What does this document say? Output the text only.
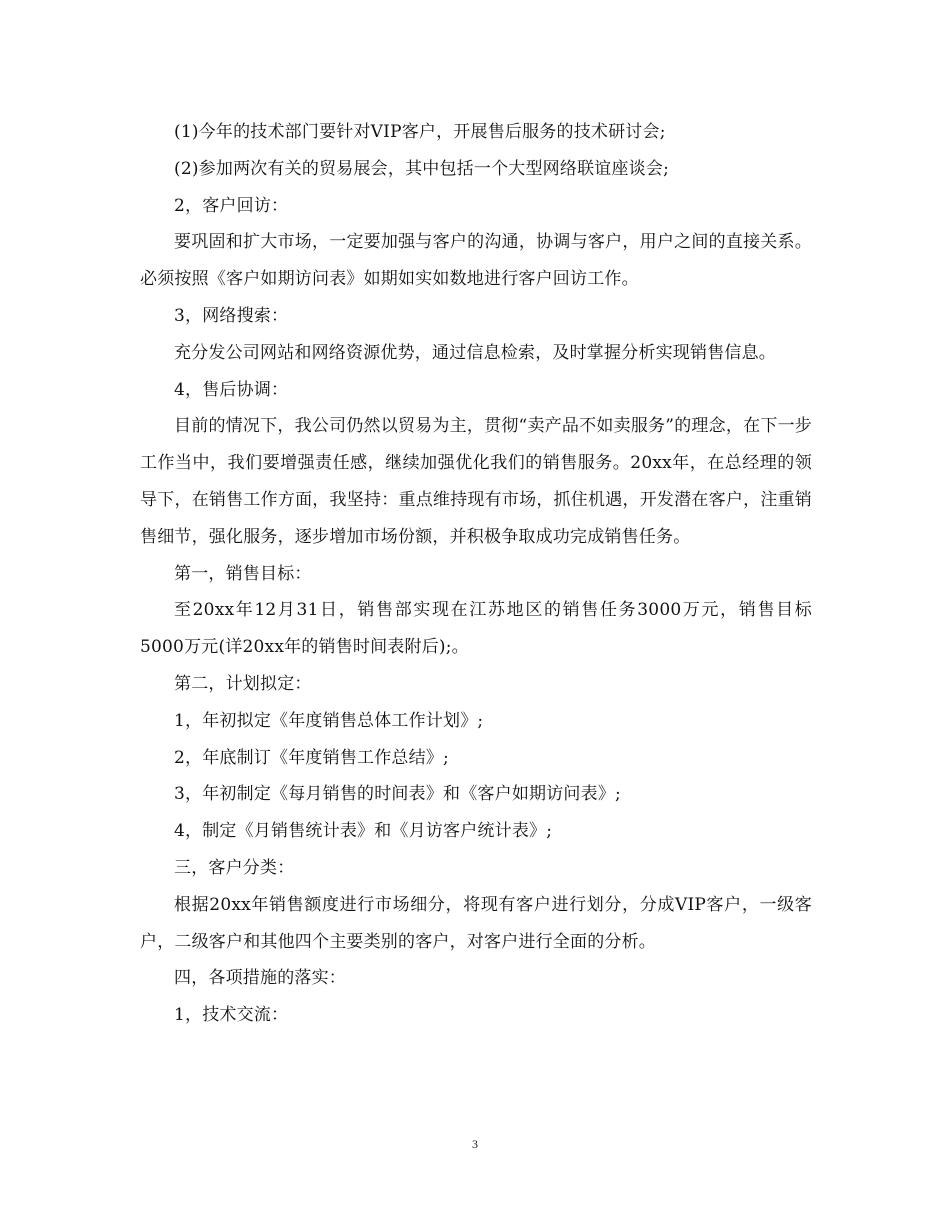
(1)今年的技术部门要针对VIP客户，开展售后服务的技术研讨会;

(2)参加两次有关的贸易展会，其中包括一个大型网络联谊座谈会;

2，客户回访：

要巩固和扩大市场，一定要加强与客户的沟通，协调与客户，用户之间的直接关系。必须按照《客户如期访问表》如期如实如数地进行客户回访工作。

3，网络搜索：

充分发公司网站和网络资源优势，通过信息检索，及时掌握分析实现销售信息。

4，售后协调：

目前的情况下，我公司仍然以贸易为主，贯彻“卖产品不如卖服务”的理念，在下一步工作当中，我们要增强责任感，继续加强优化我们的销售服务。20xx年，在总经理的领导下，在销售工作方面，我坚持：重点维持现有市场，抓住机遇，开发潜在客户，注重销售细节，强化服务，逐步增加市场份额，并积极争取成功完成销售任务。

第一，销售目标：

至20xx年12月31日，销售部实现在江苏地区的销售任务3000万元，销售目标5000万元(详20xx年的销售时间表附后);。

第二，计划拟定：

1，年初拟定《年度销售总体工作计划》;

2，年底制订《年度销售工作总结》;

3，年初制定《每月销售的时间表》和《客户如期访问表》;

4，制定《月销售统计表》和《月访客户统计表》;

三，客户分类：

根据20xx年销售额度进行市场细分，将现有客户进行划分，分成VIP客户，一级客户，二级客户和其他四个主要类别的客户，对客户进行全面的分析。

四，各项措施的落实：

1，技术交流：

3
